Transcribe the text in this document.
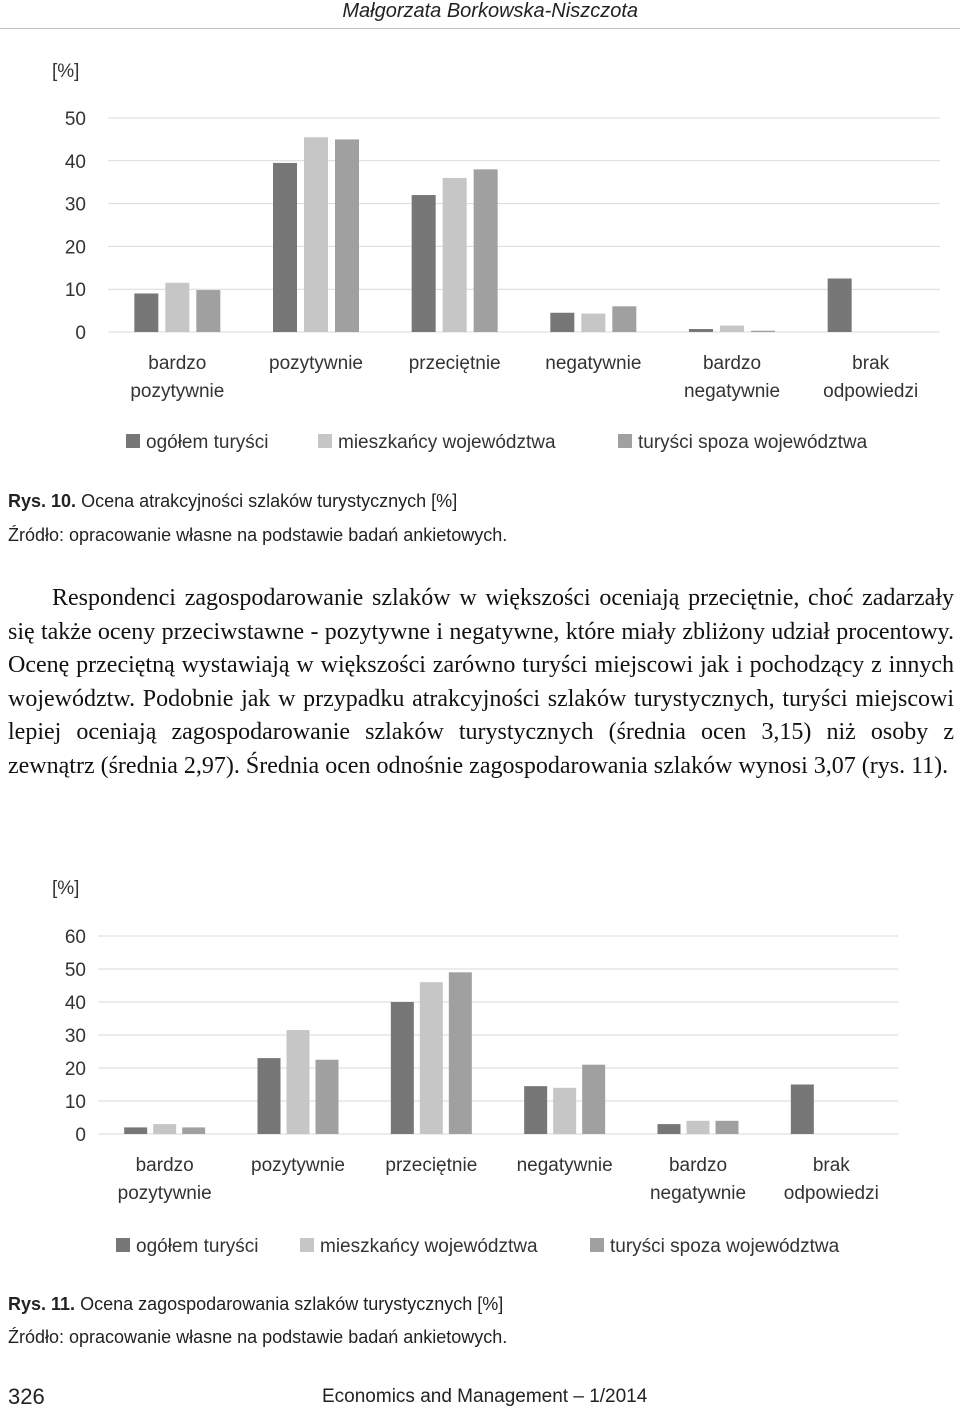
Małgorzata Borkowska-Niszczota
[%]
0
10
20
30
40
50
bardzo
pozytywnie
pozytywnie przeciętnie negatywnie	bardzo
negatywnie
brak
odpowiedzi
ogółem turyści	mieszkańcy województwa	turyści spoza województwa
Rys. 10. Ocena atrakcyjności szlaków turystycznych [%]
Źródło: opracowanie własne na podstawie badań ankietowych.

Respondenci zagospodarowanie szlaków w większości oceniają przeciętnie, choć zadarzały się także oceny przeciwstawne - pozytywne i negatywne, które miały zbliżony udział procentowy. Ocenę przeciętną wystawiają w większości zarówno turyści miejscowi jak i pochodzący z innych województw. Podobnie jak w przypadku atrakcyjności szlaków turystycznych, turyści miejscowi lepiej oceniają zagospodarowanie szlaków turystycznych (średnia ocen 3,15) niż osoby z zewnątrz (średnia 2,97). Średnia ocen odnośnie zagospodarowania szlaków wynosi 3,07 (rys. 11).

[%]
0
10
20
30
40
50
60
bardzo
pozytywnie
pozytywnie przeciętnie negatywnie	bardzo
negatywnie
brak
odpowiedzi
ogółem turyści	mieszkańcy województwa	turyści spoza województwa
Rys. 11. Ocena zagospodarowania szlaków turystycznych [%]
Źródło: opracowanie własne na podstawie badań ankietowych.
326	Economics and Management – 1/2014
